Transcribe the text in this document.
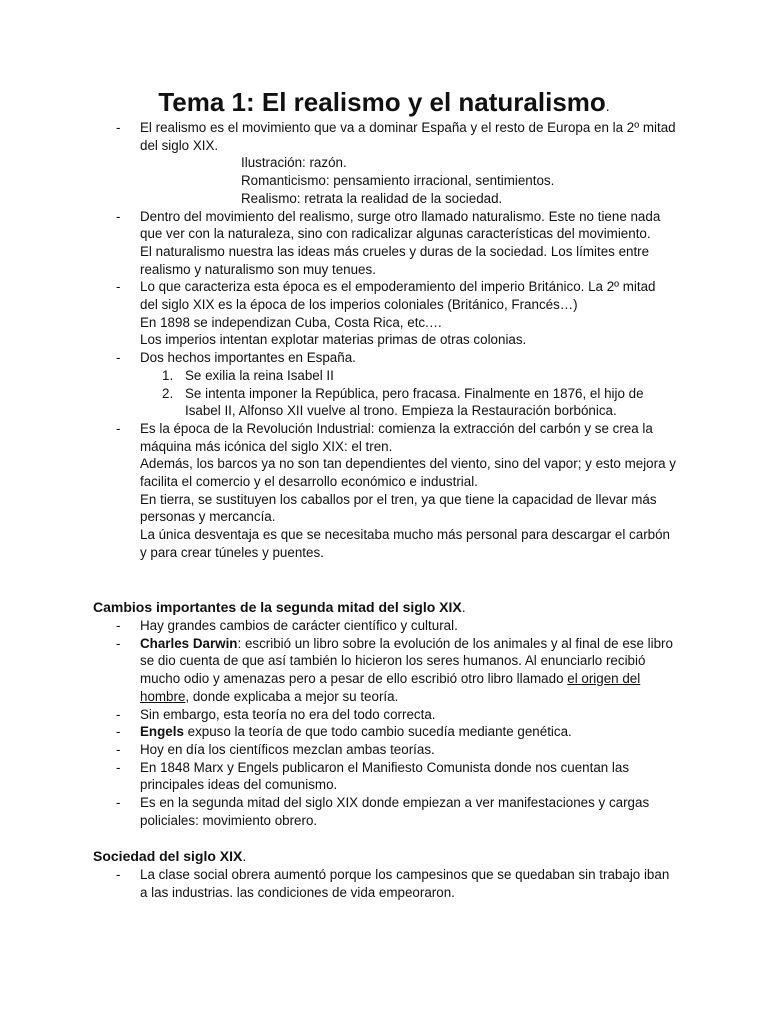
Tema 1: El realismo y el naturalismo.

- El realismo es el movimiento que va a dominar España y el resto de Europa en la 2º mitad del siglo XIX.

Ilustración: razón.

Romanticismo: pensamiento irracional, sentimientos.

Realismo: retrata la realidad de la sociedad.

- Dentro del movimiento del realismo, surge otro llamado naturalismo. Este no tiene nada que ver con la naturaleza, sino con radicalizar algunas características del movimiento.

El naturalismo nuestra las ideas más crueles y duras de la sociedad. Los límites entre realismo y naturalismo son muy tenues.

- Lo que caracteriza esta época es el empoderamiento del imperio Británico. La 2º mitad del siglo XIX es la época de los imperios coloniales (Británico, Francés…)

En 1898 se independizan Cuba, Costa Rica, etc.…

Los imperios intentan explotar materias primas de otras colonias.

- Dos hechos importantes en España.

1. Se exilia la reina Isabel II
2. Se intenta imponer la República, pero fracasa. Finalmente en 1876, el hijo de Isabel II, Alfonso XII vuelve al trono. Empieza la Restauración borbónica.

- Es la época de la Revolución Industrial: comienza la extracción del carbón y se crea la máquina más icónica del siglo XIX: el tren.

Además, los barcos ya no son tan dependientes del viento, sino del vapor; y esto mejora y facilita el comercio y el desarrollo económico e industrial.

En tierra, se sustituyen los caballos por el tren, ya que tiene la capacidad de llevar más personas y mercancía.

La única desventaja es que se necesitaba mucho más personal para descargar el carbón y para crear túneles y puentes.

Cambios importantes de la segunda mitad del siglo XIX.

- Hay grandes cambios de carácter científico y cultural.

- Charles Darwin: escribió un libro sobre la evolución de los animales y al final de ese libro se dio cuenta de que así también lo hicieron los seres humanos. Al enunciarlo recibió mucho odio y amenazas pero a pesar de ello escribió otro libro llamado el origen del hombre, donde explicaba a mejor su teoría.

- Sin embargo, esta teoría no era del todo correcta.

- Engels expuso la teoría de que todo cambio sucedía mediante genética.

- Hoy en día los científicos mezclan ambas teorías.

- En 1848 Marx y Engels publicaron el Manifiesto Comunista donde nos cuentan las principales ideas del comunismo.

- Es en la segunda mitad del siglo XIX donde empiezan a ver manifestaciones y cargas policiales: movimiento obrero.

Sociedad del siglo XIX.

- La clase social obrera aumentó porque los campesinos que se quedaban sin trabajo iban a las industrias. las condiciones de vida empeoraron.
